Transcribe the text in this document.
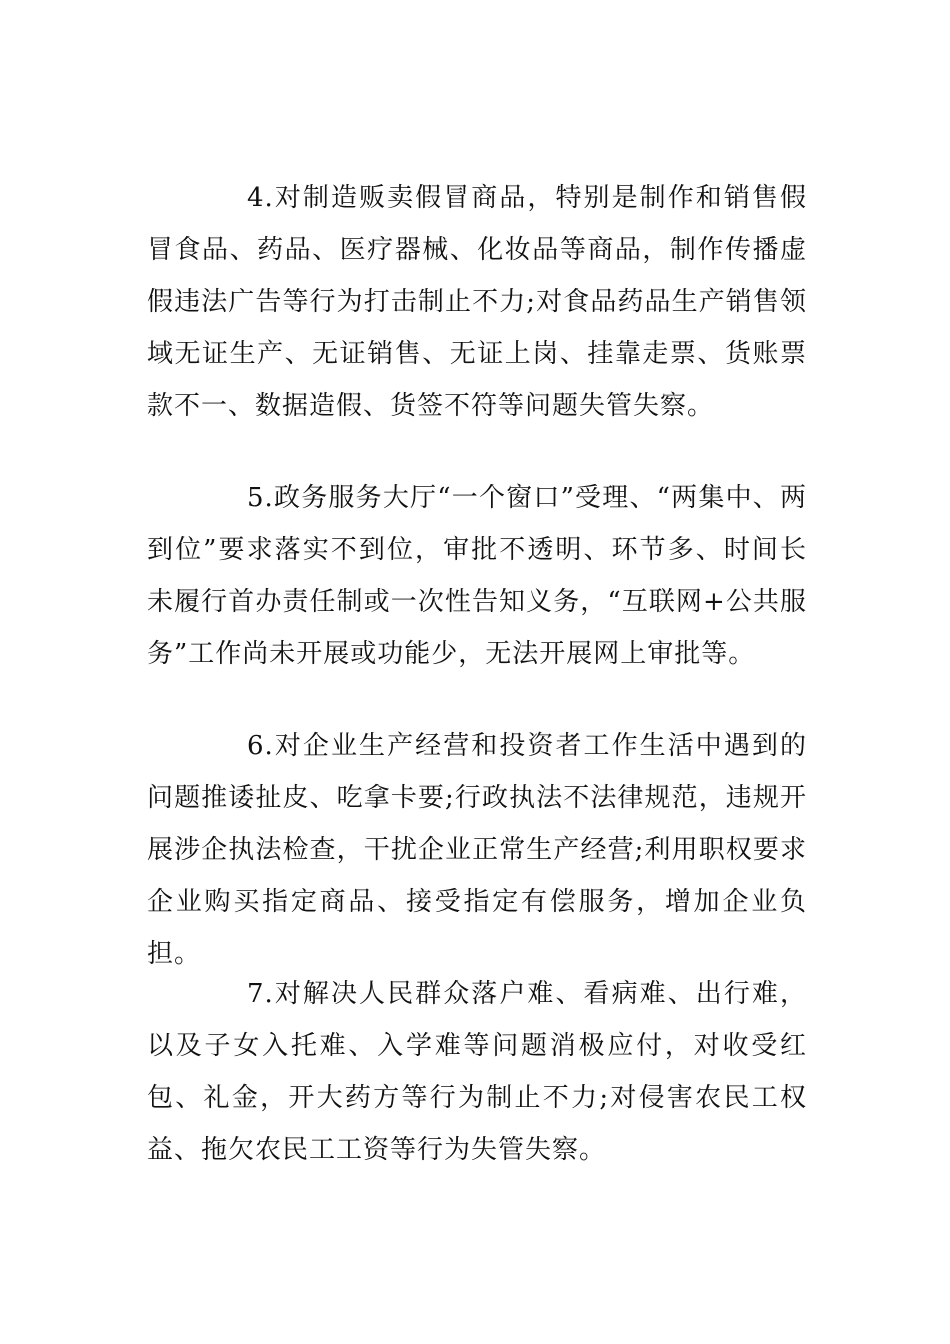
4.对制造贩卖假冒商品，特别是制作和销售假冒食品、药品、医疗器械、化妆品等商品，制作传播虚假违法广告等行为打击制止不力;对食品药品生产销售领域无证生产、无证销售、无证上岗、挂靠走票、货账票款不一、数据造假、货签不符等问题失管失察。

5.政务服务大厅“一个窗口”受理、“两集中、两到位”要求落实不到位，审批不透明、环节多、时间长未履行首办责任制或一次性告知义务，“互联网+公共服务”工作尚未开展或功能少，无法开展网上审批等。

6.对企业生产经营和投资者工作生活中遇到的问题推诿扯皮、吃拿卡要;行政执法不法律规范，违规开展涉企执法检查，干扰企业正常生产经营;利用职权要求企业购买指定商品、接受指定有偿服务，增加企业负担。

7.对解决人民群众落户难、看病难、出行难，以及子女入托难、入学难等问题消极应付，对收受红包、礼金，开大药方等行为制止不力;对侵害农民工权益、拖欠农民工工资等行为失管失察。
